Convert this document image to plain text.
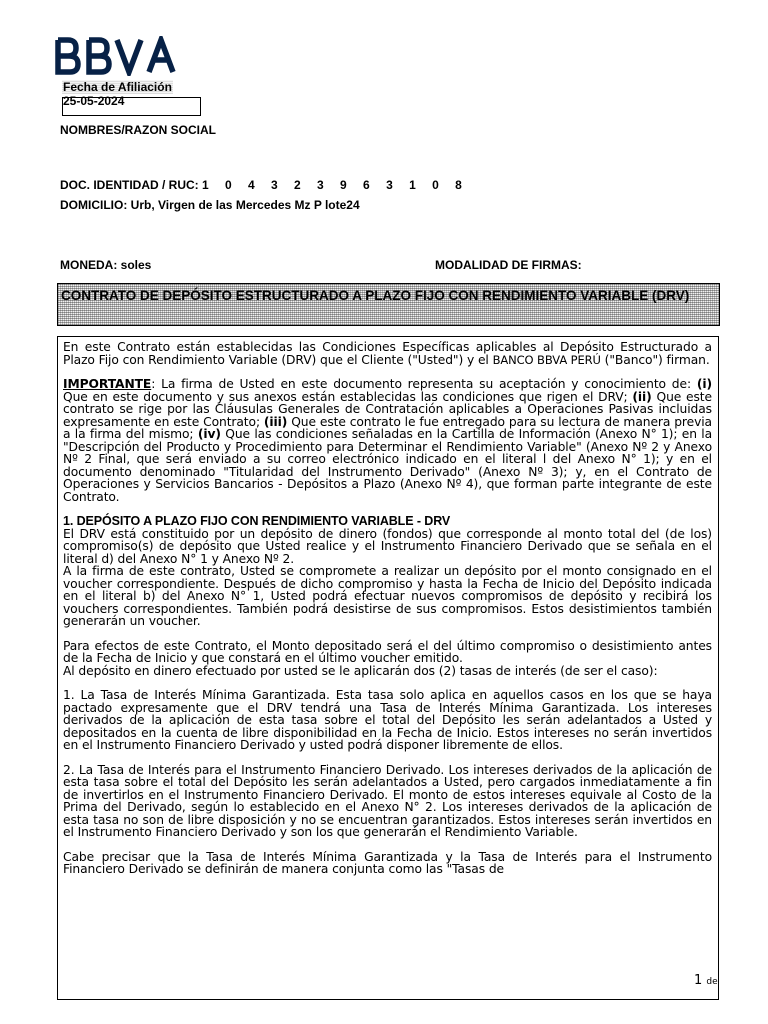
Fecha de Afiliación
25-05-2024
NOMBRES/RAZON SOCIAL
DOC. IDENTIDAD / RUC: 1 0 4 3 2 3 9 6 3 1 0 8
DOMICILIO: Urb, Virgen de las Mercedes Mz P lote24
MONEDA: soles	MODALIDAD DE FIRMAS:
CONTRATO DE DEPÓSITO ESTRUCTURADO A PLAZO FIJO CON RENDIMIENTO VARIABLE (DRV)

En este Contrato están establecidas las Condiciones Específicas aplicables al Depósito Estructurado a Plazo Fijo con Rendimiento Variable (DRV) que el Cliente ("Usted") y el BANCO BBVA PERÚ ("Banco") firman.

IMPORTANTE: La firma de Usted en este documento representa su aceptación y conocimiento de: (i) Que en este documento y sus anexos están establecidas las condiciones que rigen el DRV; (ii) Que este contrato se rige por las Cláusulas Generales de Contratación aplicables a Operaciones Pasivas incluidas expresamente en este Contrato; (iii) Que este contrato le fue entregado para su lectura de manera previa a la firma del mismo; (iv) Que las condiciones señaladas en la Cartilla de Información (Anexo N° 1); en la "Descripción del Producto y Procedimiento para Determinar el Rendimiento Variable" (Anexo Nº 2 y Anexo Nº 2 Final, que será enviado a su correo electrónico indicado en el literal l del Anexo N° 1); y en el documento denominado "Titularidad del Instrumento Derivado" (Anexo Nº 3); y, en el Contrato de Operaciones y Servicios Bancarios - Depósitos a Plazo (Anexo Nº 4), que forman parte integrante de este Contrato.

1. DEPÓSITO A PLAZO FIJO CON RENDIMIENTO VARIABLE - DRV

El DRV está constituido por un depósito de dinero (fondos) que corresponde al monto total del (de los) compromiso(s) de depósito que Usted realice y el Instrumento Financiero Derivado que se señala en el literal d) del Anexo N° 1 y Anexo Nº 2.

A la firma de este contrato, Usted se compromete a realizar un depósito por el monto consignado en el voucher correspondiente. Después de dicho compromiso y hasta la Fecha de Inicio del Depósito indicada en el literal b) del Anexo N° 1, Usted podrá efectuar nuevos compromisos de depósito y recibirá los vouchers correspondientes. También podrá desistirse de sus compromisos. Estos desistimientos también generarán un voucher.

Para efectos de este Contrato, el Monto depositado será el del último compromiso o desistimiento antes de la Fecha de Inicio y que constará en el último voucher emitido.

Al depósito en dinero efectuado por usted se le aplicarán dos (2) tasas de interés (de ser el caso):

1. La Tasa de Interés Mínima Garantizada. Esta tasa solo aplica en aquellos casos en los que se haya pactado expresamente que el DRV tendrá una Tasa de Interés Mínima Garantizada. Los intereses derivados de la aplicación de esta tasa sobre el total del Depósito les serán adelantados a Usted y depositados en la cuenta de libre disponibilidad en la Fecha de Inicio. Estos intereses no serán invertidos en el Instrumento Financiero Derivado y usted podrá disponer libremente de ellos.

2. La Tasa de Interés para el Instrumento Financiero Derivado. Los intereses derivados de la aplicación de esta tasa sobre el total del Depósito les serán adelantados a Usted, pero cargados inmediatamente a fin de invertirlos en el Instrumento Financiero Derivado. El monto de estos intereses equivale al Costo de la Prima del Derivado, según lo establecido en el Anexo N° 2. Los intereses derivados de la aplicación de esta tasa no son de libre disposición y no se encuentran garantizados. Estos intereses serán invertidos en el Instrumento Financiero Derivado y son los que generarán el Rendimiento Variable.

Cabe precisar que la Tasa de Interés Mínima Garantizada y la Tasa de Interés para el Instrumento Financiero Derivado se definirán de manera conjunta como las "Tasas de

1 de
